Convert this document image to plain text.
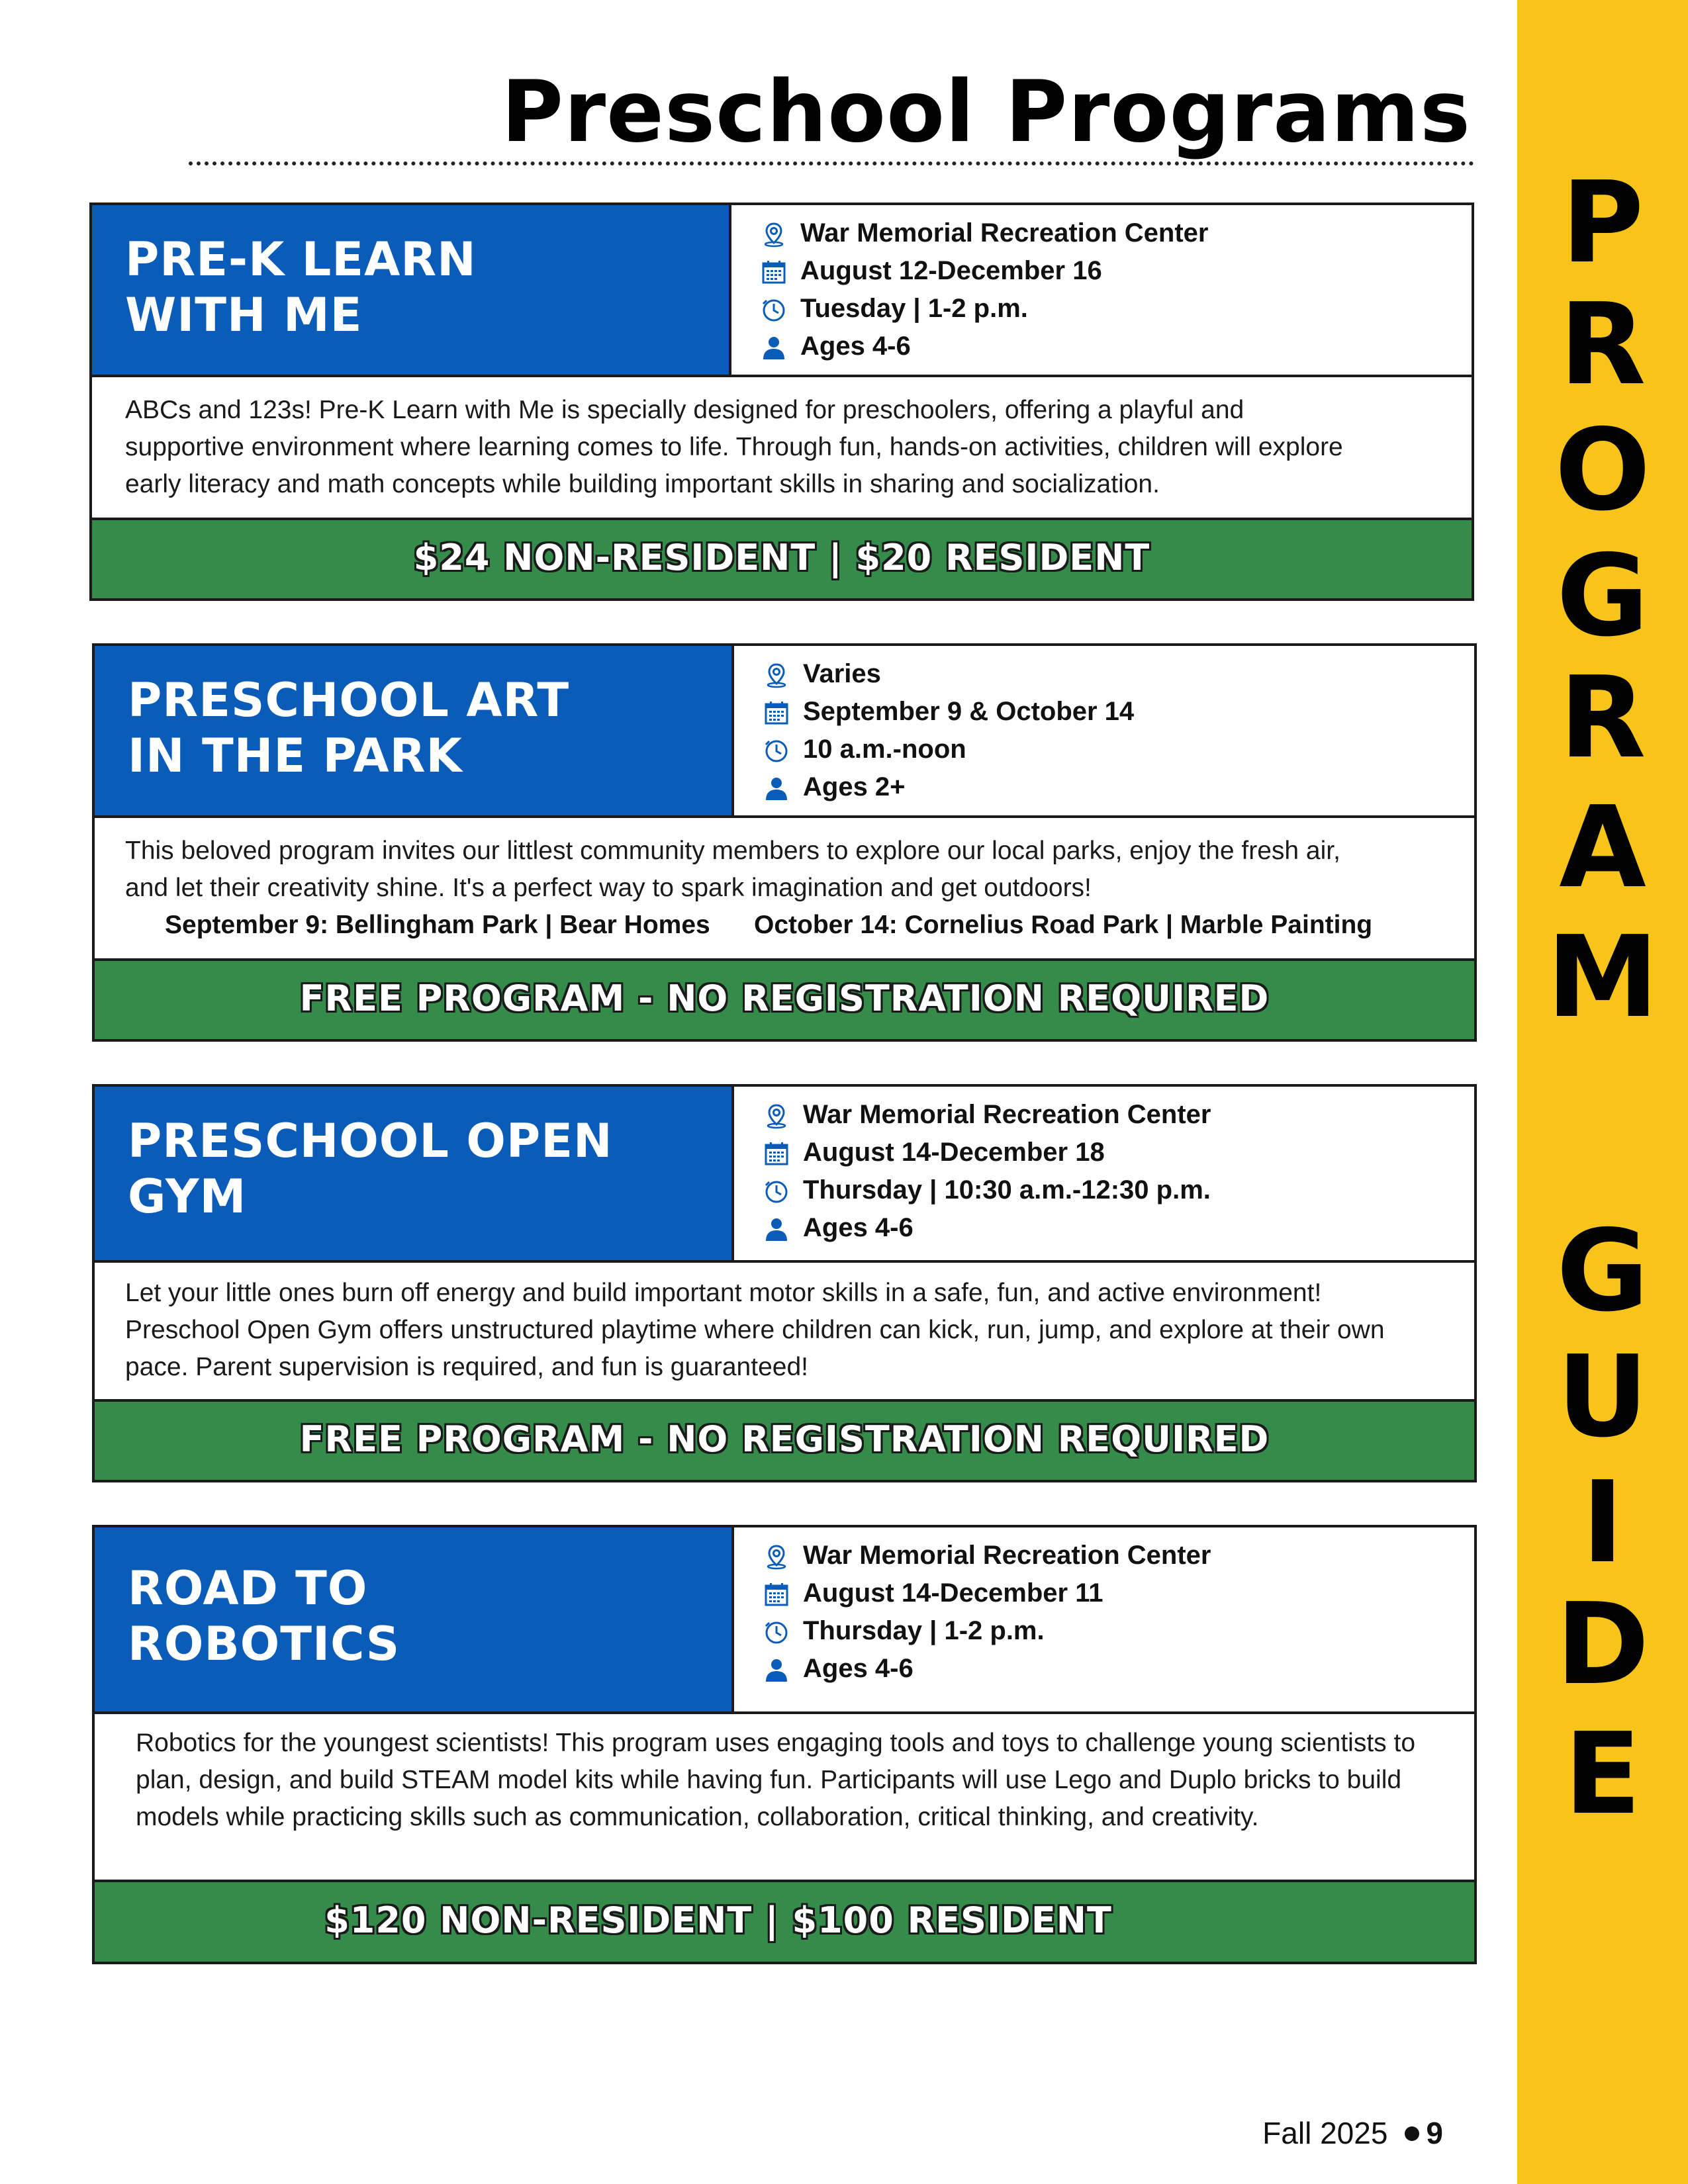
P
R
O
G
R
A
M
G
U
I
D
E
Preschool Programs
PRE-K LEARN
WITH ME
War Memorial Recreation Center
August 12-December 16
Tuesday | 1-2 p.m.
Ages 4-6
ABCs and 123s! Pre-K Learn with Me is specially designed for preschoolers, offering a playful and supportive environment where learning comes to life. Through fun, hands-on activities, children will explore early literacy and math concepts while building important skills in sharing and socialization.
$24 NON-RESIDENT | $20 RESIDENT
PRESCHOOL ART
IN THE PARK
Varies
September 9 & October 14
10 a.m.-noon
Ages 2+
This beloved program invites our littlest community members to explore our local parks, enjoy the fresh air, and let their creativity shine. It's a perfect way to spark imagination and get outdoors!
September 9: Bellingham Park | Bear Homes October 14: Cornelius Road Park | Marble Painting
FREE PROGRAM - NO REGISTRATION REQUIRED
PRESCHOOL OPEN
GYM
War Memorial Recreation Center
August 14-December 18
Thursday | 10:30 a.m.-12:30 p.m.
Ages 4-6
Let your little ones burn off energy and build important motor skills in a safe, fun, and active environment! Preschool Open Gym offers unstructured playtime where children can kick, run, jump, and explore at their own pace. Parent supervision is required, and fun is guaranteed!
FREE PROGRAM - NO REGISTRATION REQUIRED
ROAD TO
ROBOTICS
War Memorial Recreation Center
August 14-December 11
Thursday | 1-2 p.m.
Ages 4-6
Robotics for the youngest scientists! This program uses engaging tools and toys to challenge young scientists to plan, design, and build STEAM model kits while having fun. Participants will use Lego and Duplo bricks to build models while practicing skills such as communication, collaboration, critical thinking, and creativity.
$120 NON-RESIDENT | $100 RESIDENT
Fall 2025 9
